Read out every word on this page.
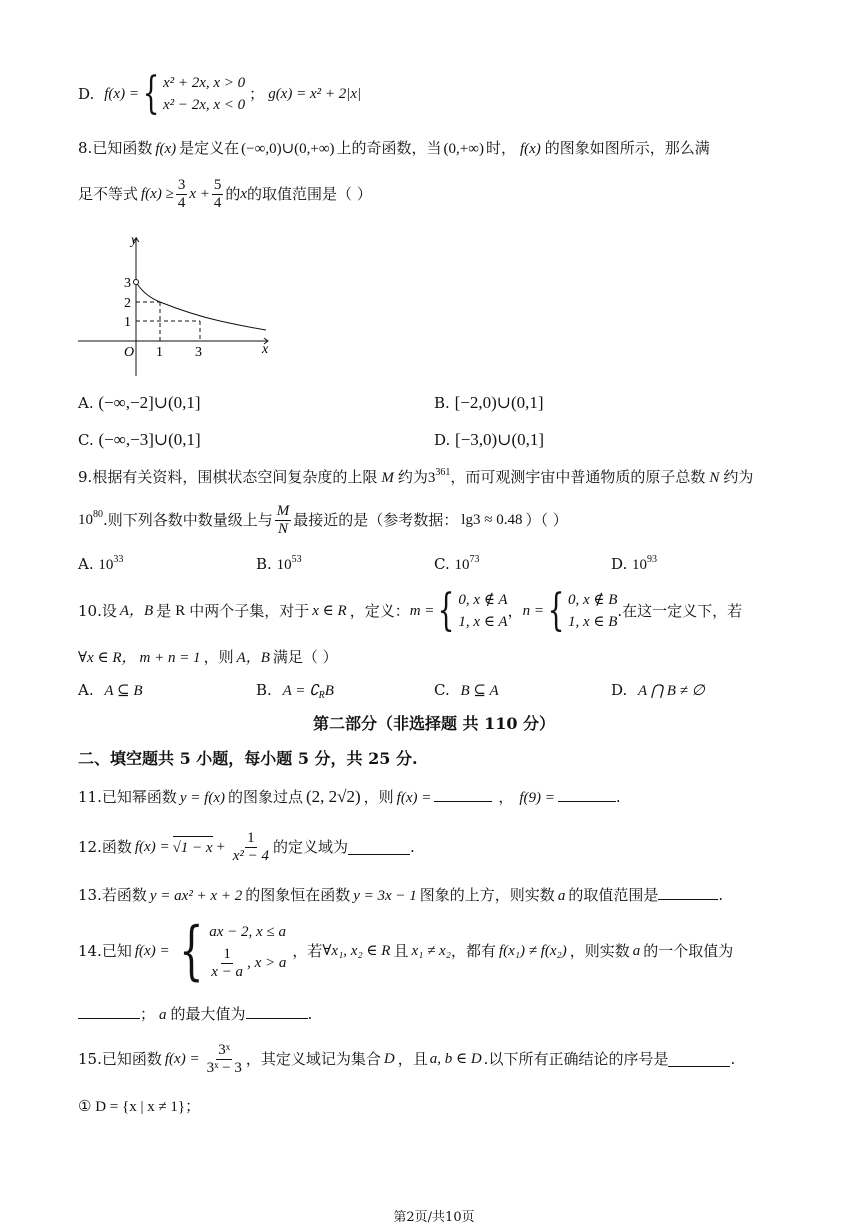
D. f(x) = { x² + 2x, x > 0
x² − 2x, x < 0
； g(x) = x² + 2|x|
8.已知函数 f(x) 是定义在 (−∞,0)∪(0,+∞) 上的奇函数，当 (0,+∞) 时， f(x) 的图象如图所示，那么满
足不等式 $f(x) \ge \frac{3}{4}$ $x + \frac{5}{4}$ 的 x 的取值范围是（ ）
y
x
O 1 3
3
2
1
A. (−∞,−2]∪(0,1]	B. [−2,0)∪(0,1]
C. (−∞,−3]∪(0,1]	D. [−3,0)∪(0,1]
9.根据有关资料，围棋状态空间复杂度的上限 M 约为$3^{361}$，而可观测宇宙中普通物质的原子总数 N 约为
$10^{80}$ .则下列各数中数量级上与 $\frac{M}{N}$ 最接近的是（参考数据： lg3 ≈ 0.48 ）（ ）
A. $10^{33}$	B. $10^{53}$	C. $10^{73}$	D. $10^{93}$
10. 设 A，B 是 R 中两个子集，对于 x ∈ R ，定义： m = { 0, x ∉ A
1, x ∈ A
， n = { 0, x ∉ B
1, x ∈ B
.在这一定义下，若
∀x ∈ R， m + n = 1 ，则 A，B 满足（ ）
A. A ⊆ B	B. $A = ∁_RB$	C. B ⊆ A	D. A ⋂ B ≠ ∅
第二部分（非选择题 共 110 分）
二、填空题共 5 小题，每小题 5 分，共 25 分.
11.已知幂函数 y = f(x) 的图象过点 (2, 2√2) ，则 f(x) =	， f(9) =	.
12. 函数 $f(x) = √1 - x + \frac{1}{\text{x² − 4}}$ 的定义域为	.
13.若函数 y = ax² + x + 2 的图象恒在函数 y = 3x − 1 图象的上方，则实数 a 的取值范围是	.
14. 已知 f(x) = { ax − 2, x ≤ a
$\frac{1}{x - a}$ , x > a
，若 ∀x₁, x₂ ∈ R 且 x₁ ≠ x₂ ，都有 f(x₁) ≠ f(x₂) ，则实数 a 的一个取值为
； a 的最大值为	.
15. 已知函数 $f(x) = \frac{\text{3ˣ}}{\text{3ˣ − 3}}$ ，其定义域记为集合 D ，且 a, b ∈ D .以下所有正确结论的序号是	.
① D = {x | x ≠ 1}；
第2页/共10页
